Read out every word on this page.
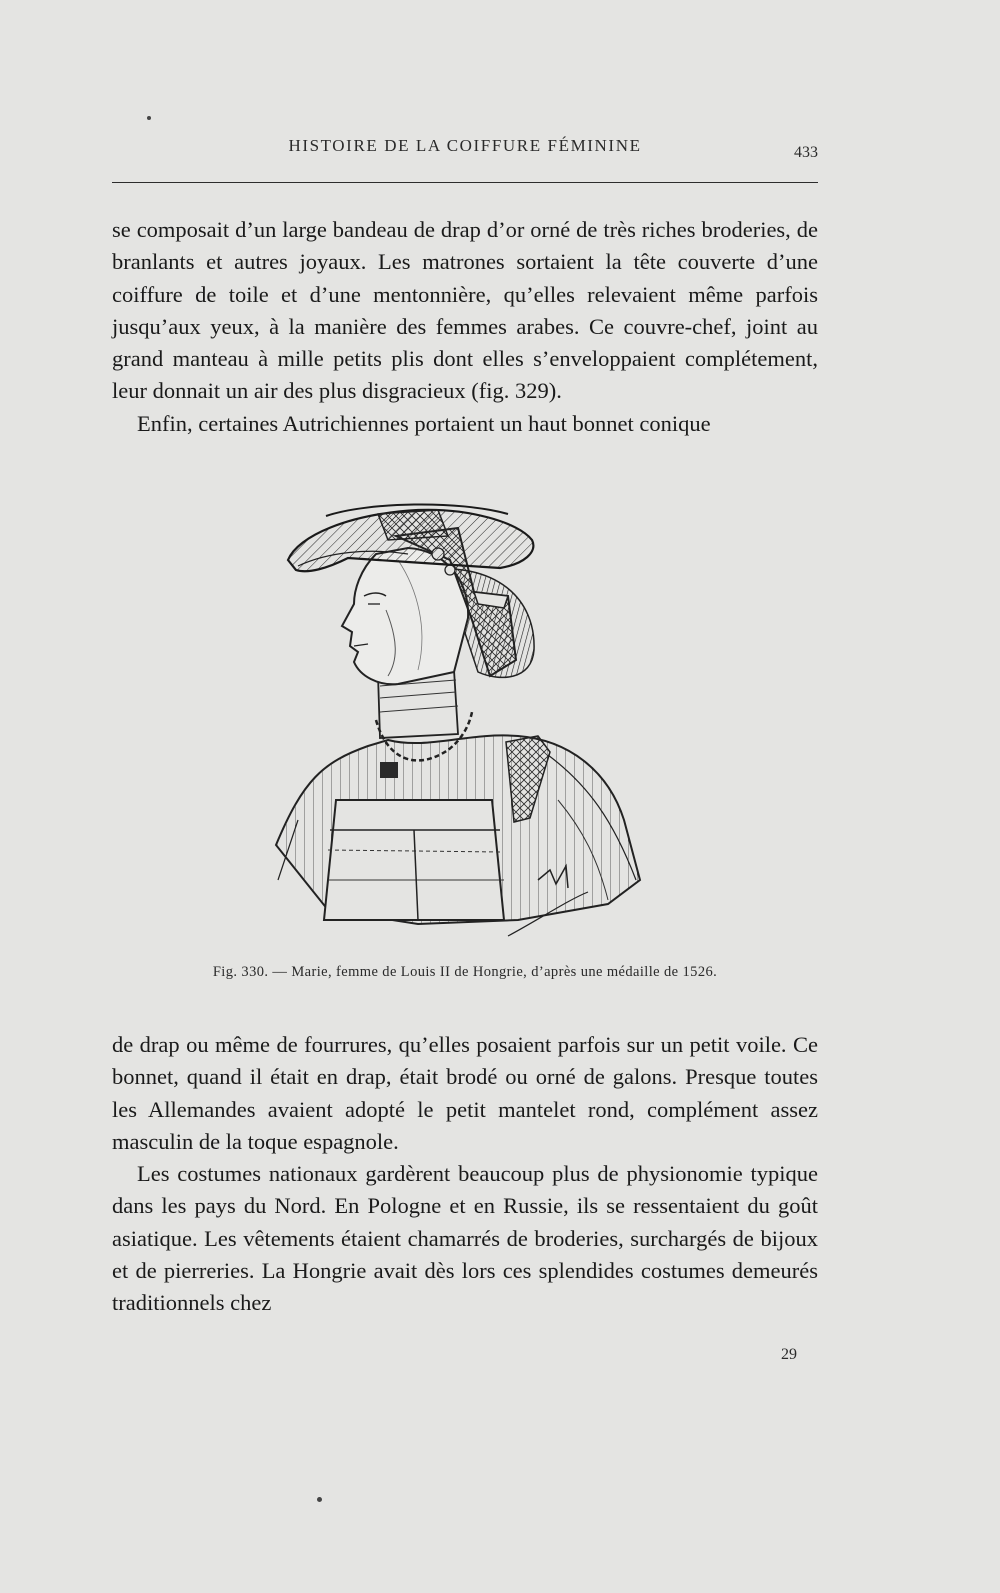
HISTOIRE DE LA COIFFURE FÉMININE	433

se composait d’un large bandeau de drap d’or orné de très riches broderies, de branlants et autres joyaux. Les matrones sortaient la tête couverte d’une coiffure de toile et d’une mentonnière, qu’elles relevaient même parfois jusqu’aux yeux, à la manière des femmes arabes. Ce couvre-chef, joint au grand manteau à mille petits plis dont elles s’enveloppaient complétement, leur donnait un air des plus disgracieux (fig. 329).

Enfin, certaines Autrichiennes portaient un haut bonnet conique

Fig. 330. — Marie, femme de Louis II de Hongrie, d’après une médaille de 1526.

de drap ou même de fourrures, qu’elles posaient parfois sur un petit voile. Ce bonnet, quand il était en drap, était brodé ou orné de galons. Presque toutes les Allemandes avaient adopté le petit mantelet rond, complément assez masculin de la toque espagnole.

Les costumes nationaux gardèrent beaucoup plus de physionomie typique dans les pays du Nord. En Pologne et en Russie, ils se ressentaient du goût asiatique. Les vêtements étaient chamarrés de broderies, surchargés de bijoux et de pierreries. La Hongrie avait dès lors ces splendides costumes demeurés traditionnels chez

29
